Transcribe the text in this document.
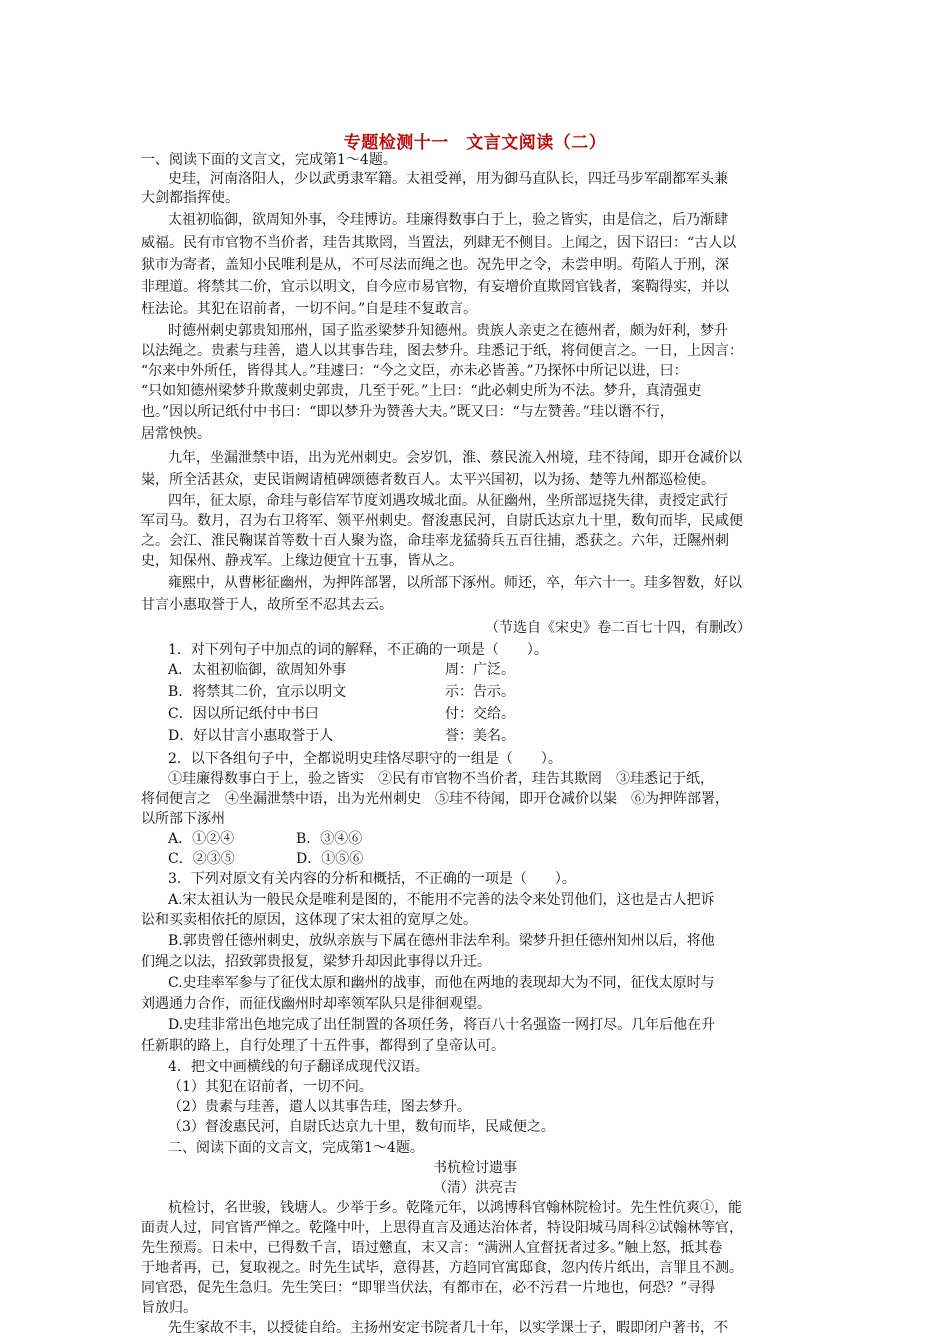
专题检测十一　文言文阅读（二）
一、阅读下面的文言文，完成第1～4题。
史珪，河南洛阳人，少以武勇隶军籍。太祖受禅，用为御马直队长，四迁马步军副都军头兼
大剑都指挥使。
太祖初临御，欲周知外事，令珪博访。珪廉得数事白于上，验之皆实，由是信之，后乃渐肆
威福。民有市官物不当价者，珪告其欺罔，当置法，列肆无不侧目。上闻之，因下诏曰：“古人以
狱市为寄者，盖知小民唯利是从，不可尽法而绳之也。况先甲之令，未尝申明。苟陷人于刑，深
非理道。将禁其二价，宜示以明文，自今应市易官物，有妄增价直欺罔官钱者，案鞫得实，并以
枉法论。其犯在诏前者，一切不问。”自是珪不复敢言。
时德州刺史郭贵知邢州，国子监丞梁梦升知德州。贵族人亲吏之在德州者，颇为奸利，梦升
以法绳之。贵素与珪善，遣人以其事告珪，图去梦升。珪悉记于纸，将伺便言之。一日，上因言：
“尔来中外所任，皆得其人。”珪遽曰：“今之文臣，亦未必皆善。”乃探怀中所记以进，曰：
“只如知德州梁梦升欺蔑刺史郭贵，几至于死。”上曰：“此必刺史所为不法。梦升，真清强吏
也。”因以所记纸付中书曰：“即以梦升为赞善大夫。”既又曰：“与左赞善。”珪以谮不行，
居常怏怏。
九年，坐漏泄禁中语，出为光州刺史。会岁饥，淮、蔡民流入州境，珪不待闻，即开仓减价以
粜，所全活甚众，吏民诣阙请植碑颂德者数百人。太平兴国初，以为扬、楚等九州都巡检使。
四年，征太原，命珪与彰信军节度刘遇攻城北面。从征幽州，坐所部逗挠失律，责授定武行
军司马。数月，召为右卫将军、领平州刺史。督浚惠民河，自尉氏达京九十里，数旬而毕，民咸便
之。会江、淮民鞠谋首等数十百人聚为盗，命珪率龙猛骑兵五百往捕，悉获之。六年，迁隰州刺
史，知保州、静戎军。上缘边便宜十五事，皆从之。
雍熙中，从曹彬征幽州，为押阵部署，以所部下涿州。师还，卒，年六十一。珪多智数，好以
甘言小惠取誉于人，故所至不忍其去云。
（节选自《宋史》卷二百七十四，有删改）
1．对下列句子中加点的词的解释，不正确的一项是（　　）。
A．太祖初临御，欲周知外事	周：广泛。
B．将禁其二价，宜示以明文	示：告示。
C．因以所记纸付中书曰	付：交给。
D．好以甘言小惠取誉于人	誉：美名。
2．以下各组句子中，全都说明史珪恪尽职守的一组是（　　）。
①珪廉得数事白于上，验之皆实　②民有市官物不当价者，珪告其欺罔　③珪悉记于纸，
将伺便言之　④坐漏泄禁中语，出为光州刺史　⑤珪不待闻，即开仓减价以粜　⑥为押阵部署，
以所部下涿州
A．①②④	B．③④⑥
C．②③⑤	D．①⑤⑥
3．下列对原文有关内容的分析和概括，不正确的一项是（　　）。
A.宋太祖认为一般民众是唯利是图的，不能用不完善的法令来处罚他们，这也是古人把诉
讼和买卖相依托的原因，这体现了宋太祖的宽厚之处。
B.郭贵曾任德州刺史，放纵亲族与下属在德州非法牟利。梁梦升担任德州知州以后，将他
们绳之以法，招致郭贵报复，梁梦升却因此事得以升迁。
C.史珪率军参与了征伐太原和幽州的战事，而他在两地的表现却大为不同，征伐太原时与
刘遇通力合作，而征伐幽州时却率领军队只是徘徊观望。
D.史珪非常出色地完成了出任制置的各项任务，将百八十名强盗一网打尽。几年后他在升
任新职的路上，自行处理了十五件事，都得到了皇帝认可。
4．把文中画横线的句子翻译成现代汉语。
（1）其犯在诏前者，一切不问。
（2）贵素与珪善，遣人以其事告珪，图去梦升。
（3）督浚惠民河，自尉氏达京九十里，数旬而毕，民咸便之。
二、阅读下面的文言文，完成第1～4题。
书杭检讨遗事
（清）洪亮吉
杭检讨，名世骏，钱塘人。少举于乡。乾隆元年，以鸿博科官翰林院检讨。先生性伉爽①，能
面责人过，同官皆严惮之。乾隆中叶，上思得直言及通达治体者，特设阳城马周科②试翰林等官，
先生预焉。日未中，已得数千言，语过戆直，末又言：“满洲人宜督抚者过多。”触上怒，抵其卷
于地者再，已，复取视之。时先生试毕，意得甚，方趋同官寓邸食，忽内传片纸出，言罪且不测。
同官恐，促先生急归。先生笑曰：“即罪当伏法，有都市在，必不污君一片地也，何恐？”寻得
旨放归。
先生家故不丰，以授徒自给。主扬州安定书院者几十年，以实学课士子，暇即闭户著书，不
